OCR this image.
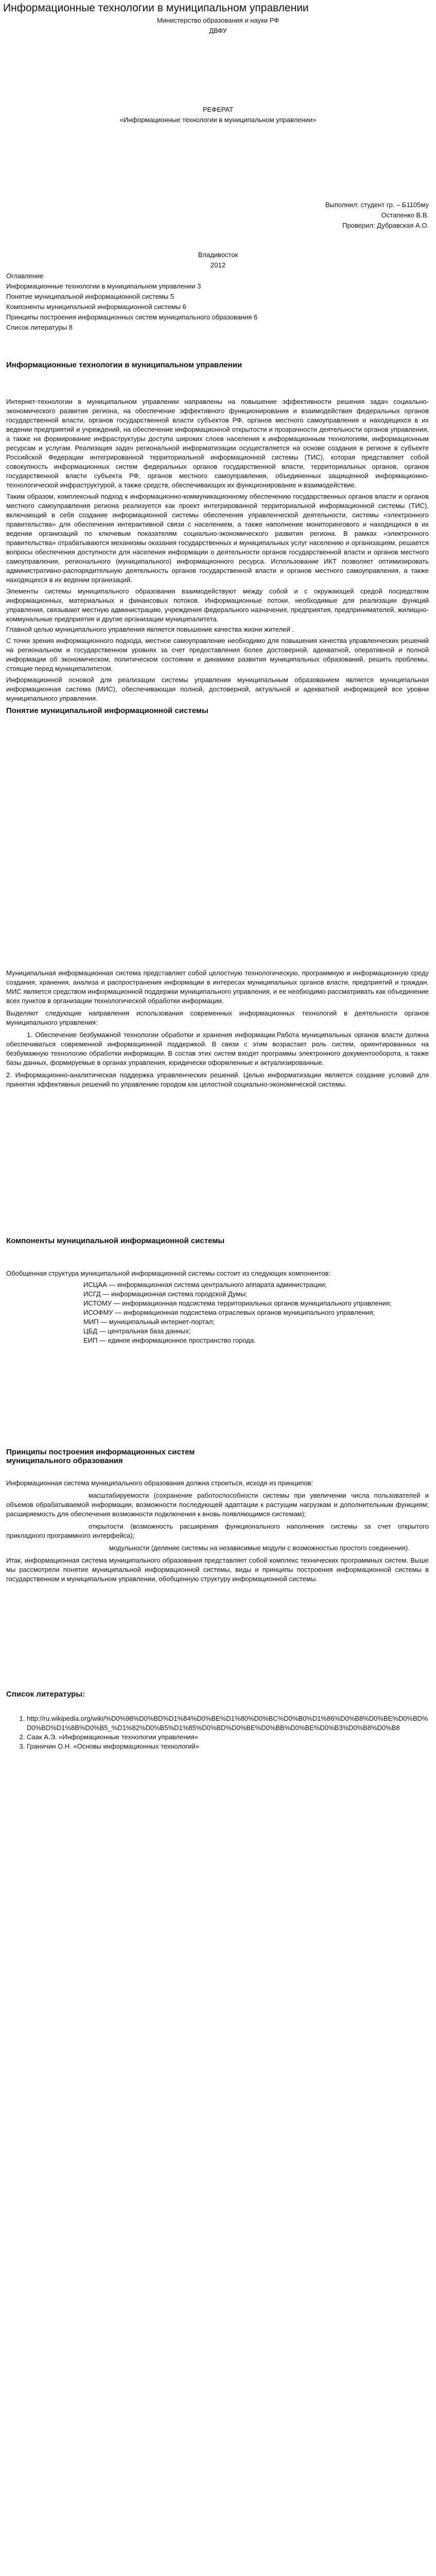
Информационные технологии в муниципальном управлении
Министерство образования и науки РФ
ДВФУ
РЕФЕРАТ
«Информационные технологии в муниципальном управлении»
Выполнил: студент гр. – Б1105му
Остапенко В.В.
Проверил: Дубравская А.О.
Владивосток
2012
Оглавление
Информационные технологии в муниципальном управлении 3
Понятие муниципальной информационной системы 5
Компоненты муниципальной информационной системы 6
Принципы построения информационных систем муниципального образования 6
Список литературы 8
Информационные технологии в муниципальном управлении

Интернет-технологии в муниципальном управлении направлены на повышение эффективности решения задач социально-экономического развития региона, на обеспечение эффективного функционирования и взаимодействия федеральных органов государственной власти, органов государственной власти субъектов РФ, органов местного самоуправления и находящихся в их ведении предприятий и учреждений, на обеспечение информационной открытости и прозрачности деятельности органов управления, а также на формирование инфраструктуры доступа широких слоев населения к информационным технологиям, информационным ресурсам и услугам. Реализация задач региональной информатизации осуществляется на основе создания в регионе в субъекте Российской Федерации интегрированной территориальной информационной системы (ТИС), которая представляет собой совокупность информационных систем федеральных органов государственной власти, территориальных органов, органов государственной власти субъекта РФ, органов местного самоуправления, объединенных защищенной информационно-технологической инфраструктурой, а также средств, обеспечивающих их функционирование и взаимодействие.

Таким образом, комплексный подход к информационно-коммуникационному обеспечению государственных органов власти и органов местного самоуправления региона реализуется как проект интегрированной территориальной информационной системы (ТИС), включающий в себя создание информационной системы обеспечения управленческой деятельности, системы «электронного правительства» для обеспечения интерактивной связи с населением, а также наполнение мониторингового и находящихся в их ведении организаций по ключевым показателям социально-экономического развития региона. В рамках «электронного правительства» отрабатываются механизмы оказания государственных и муниципальных услуг населению и организациям, решается вопросы обеспечения доступности для населения информации о деятельности органов государственной власти и органов местного самоуправления, регионального (муниципального) информационного ресурса. Использование ИКТ позволяет оптимизировать административно-распорядительную деятельность органов государственной власти и органов местного самоуправления, а также находящихся в их ведении организаций.

Элементы системы муниципального образования взаимодействуют между собой и с окружающей средой посредством информационных, материальных и финансовых потоков. Информационные потоки, необходимые для реализации функций управления, связывают местную администрацию, учреждения федерального назначения, предприятия, предпринимателей, жилищно-коммунальные предприятия и другие организации муниципалитета.

Главной целью муниципального управления является повышение качества жизни жителей .

С точки зрения информационного подхода, местное самоуправление необходимо для повышения качества управленческих решений на региональном и государственном уровнях за счет предоставления более достоверной, адекватной, оперативной и полной информации об экономическом, политическом состоянии и динамике развития муниципальных образований, решить проблемы, стоящие перед муниципалитетом.

Информационной основой для реализации системы управления муниципальным образованием является муниципальная информационная система (МИС), обеспечивающая полной, достоверной, актуальной и адекватной информацией все уровни муниципального управления.

Понятие муниципальной информационной системы

Муниципальная информационная система представляет собой целостную технологическую, программную и информационную среду создания, хранения, анализа и распространения информации в интересах муниципальных органов власти, предприятий и граждан. МИС является средством информационной поддержки муниципального управления, и ее необходимо рассматривать как объединение всех пунктов в организации технологической обработки информации.

Выделяют следующие направления использования современных информационных технологий в деятельности органов муниципального управления:

1. Обеспечение безбумажной технологии обработки и хранения информации.Работа муниципальных органов власти должна обеспечиваться современной информационной поддержкой. В связи с этим возрастает роль систем, ориентированных на безбумажную технологию обработки информации. В состав этих систем входят программы электронного документооборота, а также базы данных, формируемые в органах управления, юридически оформленные и актуализированные.

2. Информационно-аналитическая поддержка управленческих решений. Целью информатизации является создание условий для принятия эффективных решений по управлению городом как целостной социально-экономической системы.

Компоненты муниципальной информационной системы

Обобщенная структура муниципальной информационной системы состоит из следующих компонентов:

ИСЦАА — информационная система центрального аппарата администрации;
ИСГД — информационная система городской Думы;
ИСТОМУ — информационная подсистема территориальных органов муниципального управления;
ИСОФМУ — информационная подсистема отраслевых органов муниципального управления;
МИП — муниципальный интернет-портал;
ЦБД — центральная база данных;
ЕИП — единое информационное пространство города.
Принципы построения информационных систем
муниципального образования

Информационная система муниципального образования должна строиться, исходя из принципов:

масштабируемости (сохранение работоспособности системы при увеличении числа пользователей и объемов обрабатываемой информации, возможности последующей адаптации к растущим нагрузкам и дополнительным функциям; расширяемость для обеспечения возможности подключения к вновь появляющимся системам);

открытости (возможность расширения функционального наполнения системы за счет открытого прикладного программного интерфейса);

модульности (деление системы на независимые модули с возможностью простого соединения).

Итак, информационная система муниципального образования представляет собой комплекс технических программных систем. Выше мы рассмотрели понятие муниципальной информационной системы, виды и принципы построения информационной системы в государственном и муниципальном управлении, обобщенную структуру информационной системы.

Список литературы:
1. http://ru.wikipedia.org/wiki/%D0%98%D0%BD%D1%84%D0%BE%D1%80%D0%BC%D0%B0%D1%86%D0%B8%D0%BE%D0%BD%D0%BD%D1%8B%D0%B5_%D1%82%D0%B5%D1%85%D0%BD%D0%BE%D0%BB%D0%BE%D0%B3%D0%B8%D0%B8
2. Саак А.Э. «Информационные технологии управления»
3. Граничин О.Н. «Основы информационных технологий»
